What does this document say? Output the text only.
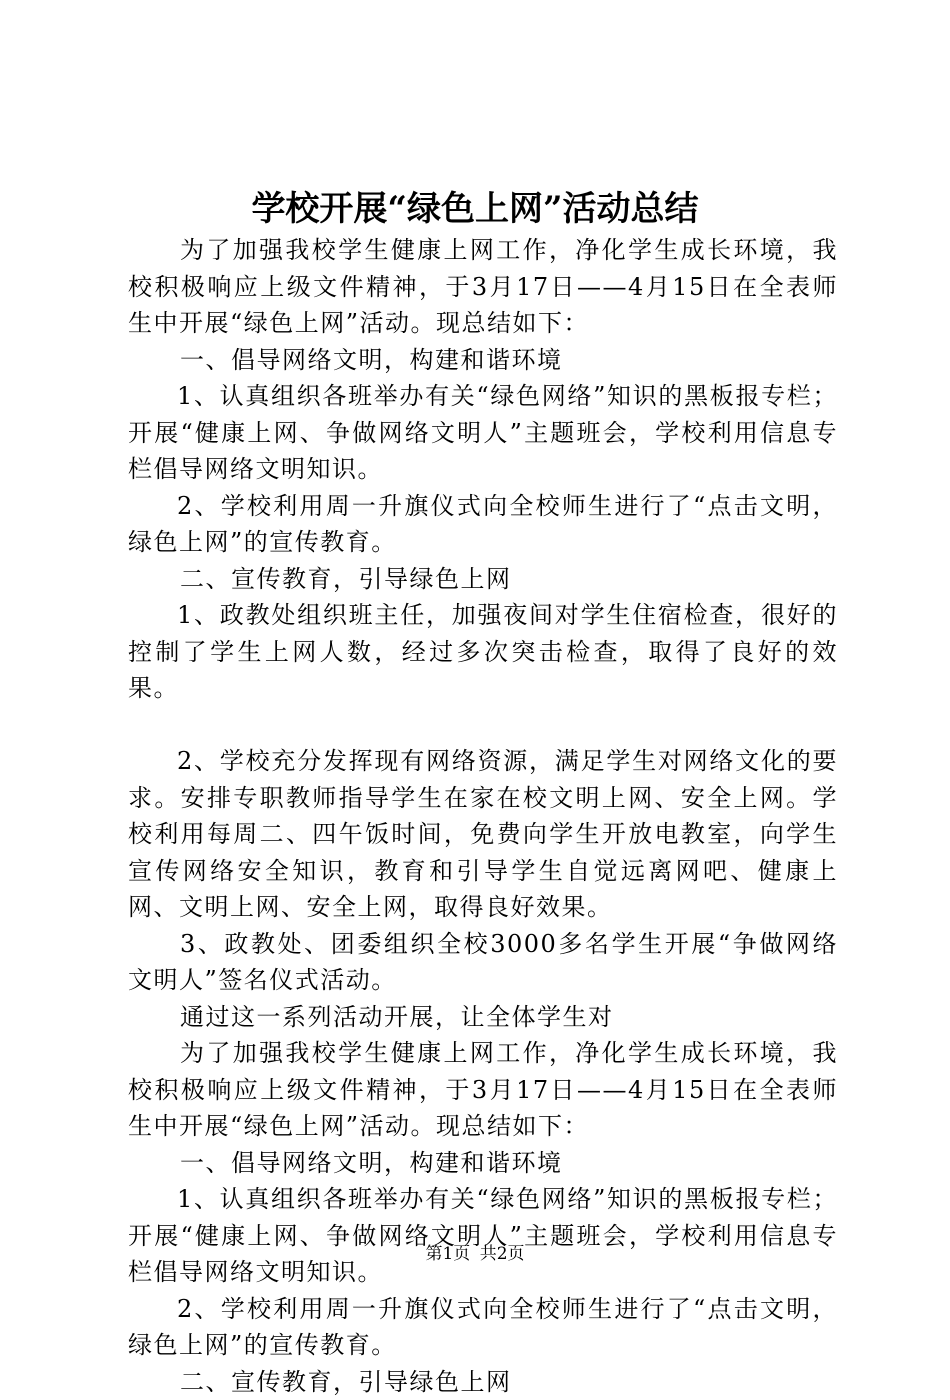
学校开展“绿色上网”活动总结

为了加强我校学生健康上网工作，净化学生成长环境，我校积极响应上级文件精神，于3月17日——4月15日在全表师生中开展“绿色上网”活动。现总结如下：

一、倡导网络文明，构建和谐环境

1、认真组织各班举办有关“绿色网络”知识的黑板报专栏；开展“健康上网、争做网络文明人”主题班会，学校利用信息专栏倡导网络文明知识。

2、学校利用周一升旗仪式向全校师生进行了“点击文明，绿色上网”的宣传教育。

二、宣传教育，引导绿色上网

1、政教处组织班主任，加强夜间对学生住宿检查，很好的控制了学生上网人数，经过多次突击检查，取得了良好的效果。

2、学校充分发挥现有网络资源，满足学生对网络文化的要求。安排专职教师指导学生在家在校文明上网、安全上网。学校利用每周二、四午饭时间，免费向学生开放电教室，向学生宣传网络安全知识，教育和引导学生自觉远离网吧、健康上网、文明上网、安全上网，取得良好效果。

3、政教处、团委组织全校3000多名学生开展“争做网络文明人”签名仪式活动。

通过这一系列活动开展，让全体学生对

为了加强我校学生健康上网工作，净化学生成长环境，我校积极响应上级文件精神，于3月17日——4月15日在全表师生中开展“绿色上网”活动。现总结如下：

一、倡导网络文明，构建和谐环境

1、认真组织各班举办有关“绿色网络”知识的黑板报专栏；开展“健康上网、争做网络文明人”主题班会，学校利用信息专栏倡导网络文明知识。

2、学校利用周一升旗仪式向全校师生进行了“点击文明，绿色上网”的宣传教育。

二、宣传教育，引导绿色上网

第1页 共2页
